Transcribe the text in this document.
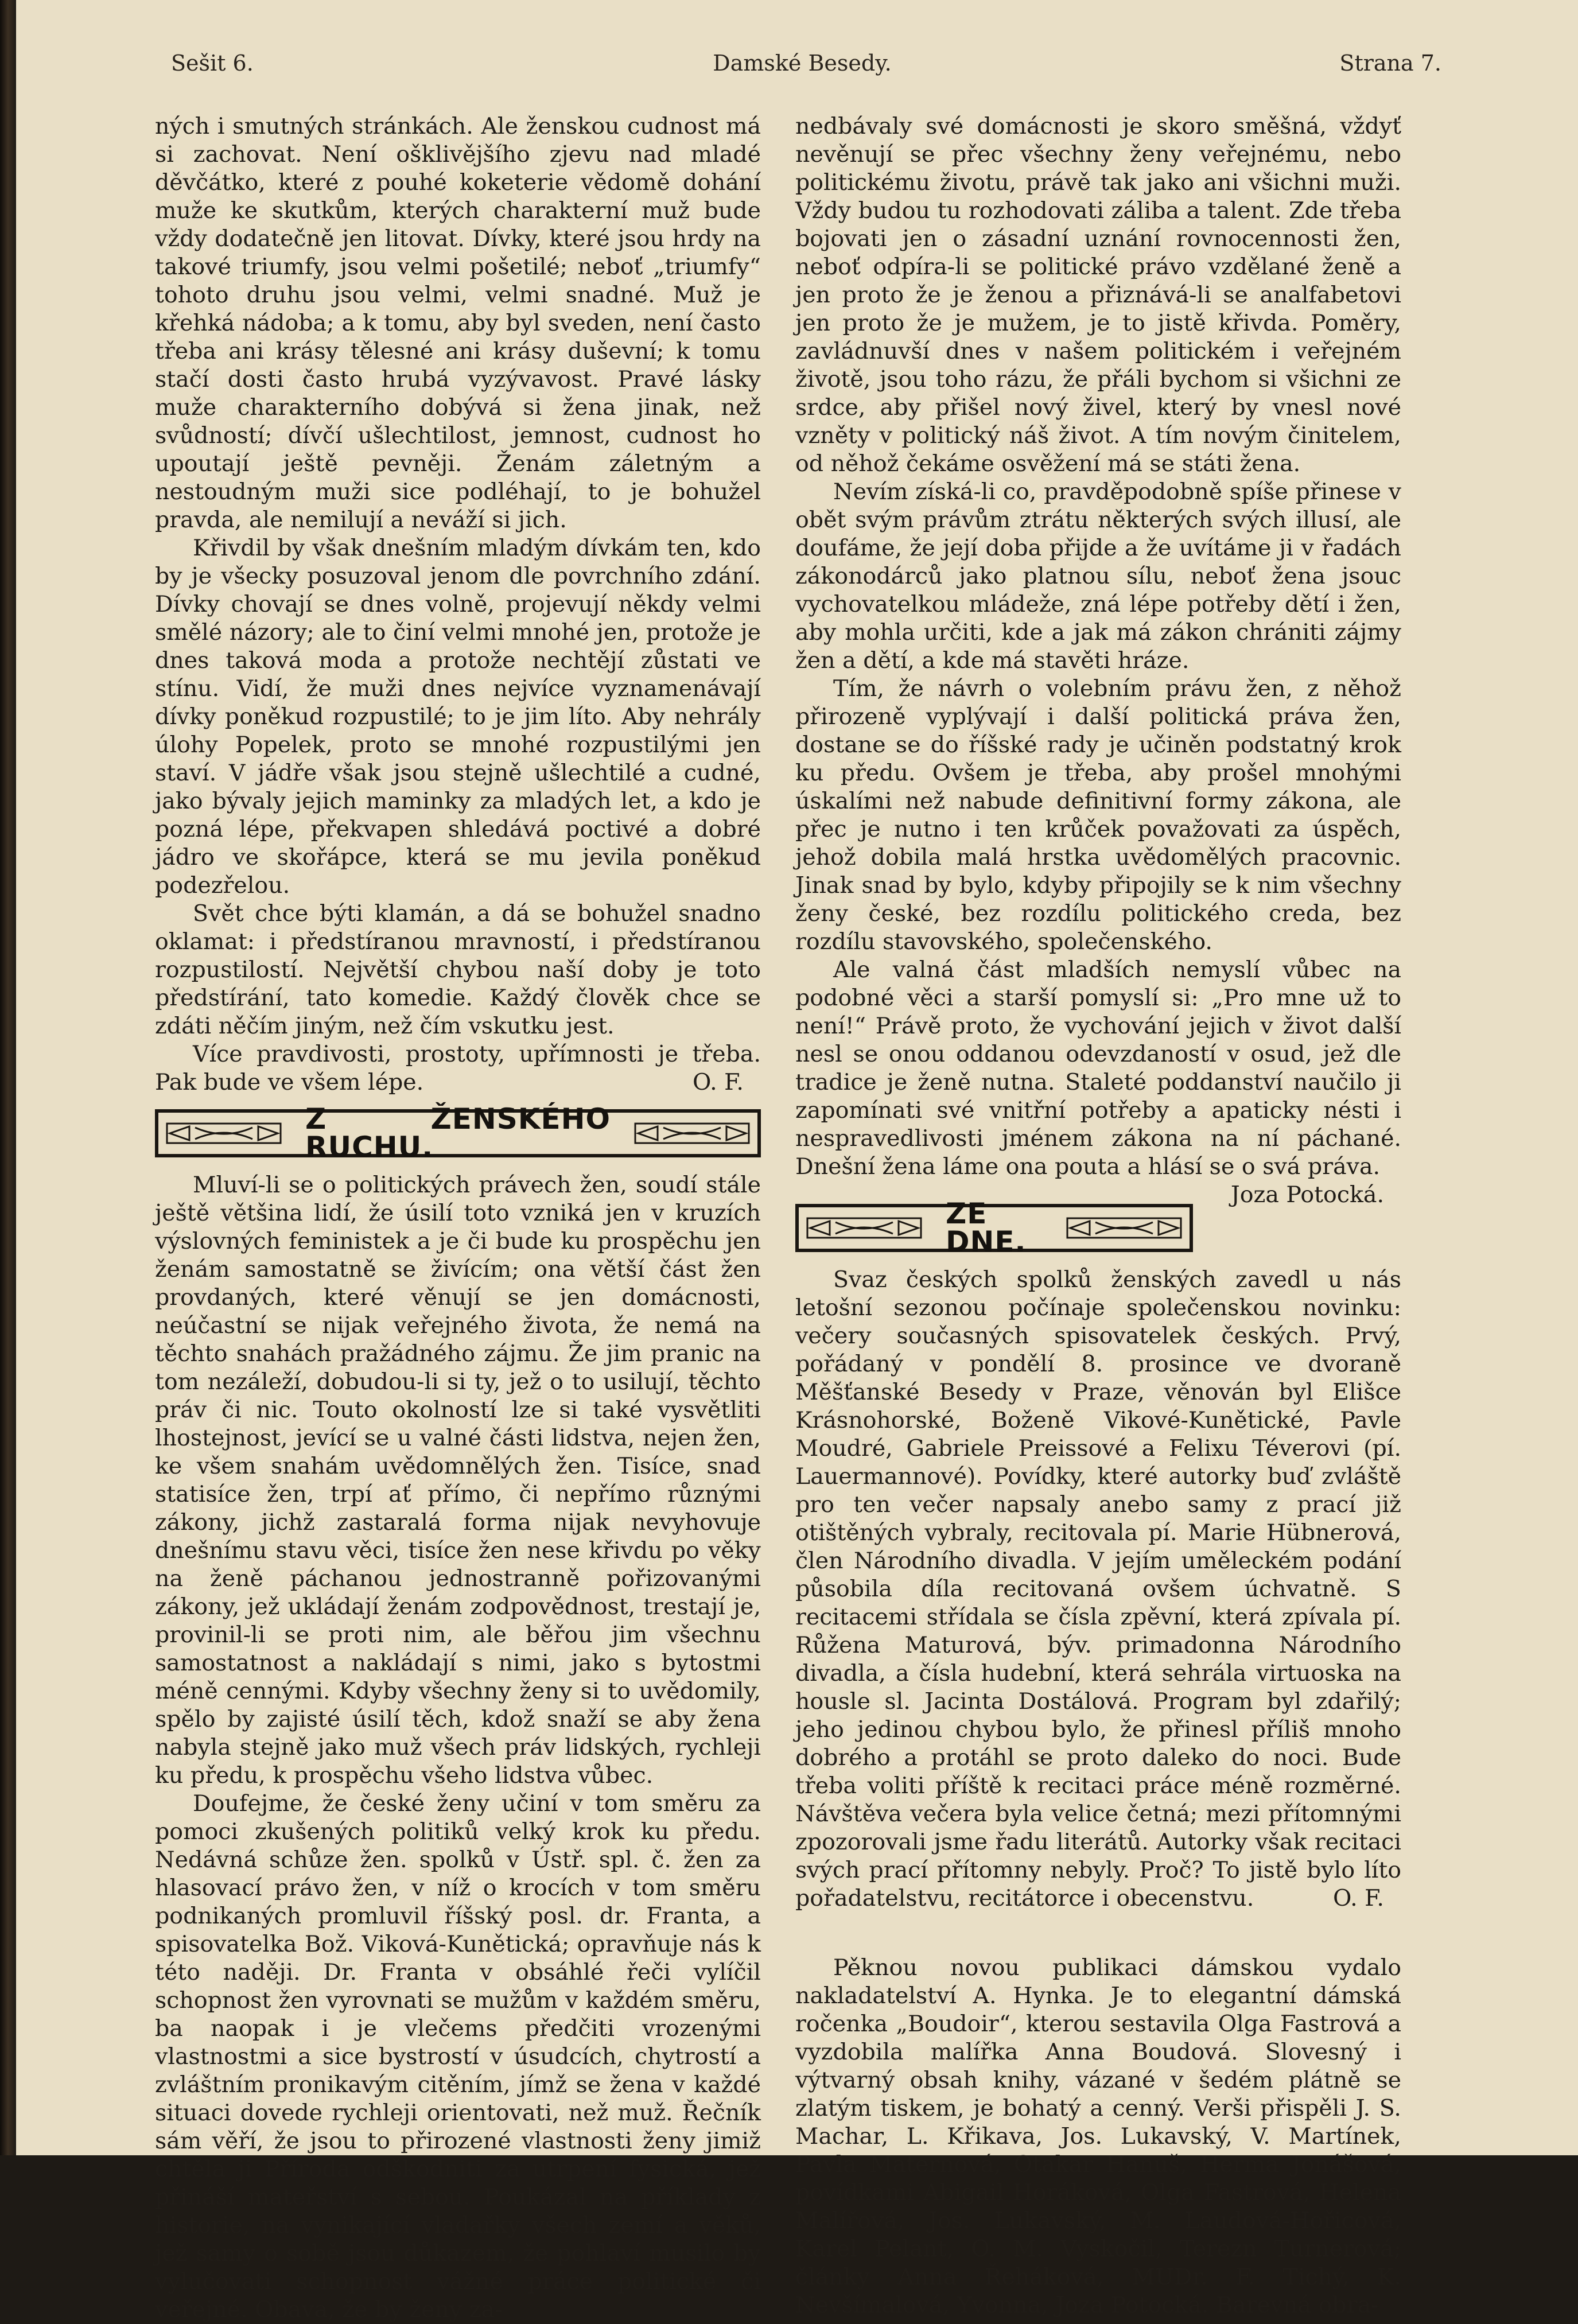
Sešit 6.	Damské Besedy.	Strana 7.

ných i smutných stránkách. Ale ženskou cudnost má si zachovat. Není ošklivějšího zjevu nad mladé děvčátko, které z pouhé koketerie vědomě dohání muže ke skutkům, kterých charakterní muž bude vždy dodatečně jen litovat. Dívky, které jsou hrdy na takové triumfy, jsou velmi pošetilé; neboť „triumfy“ tohoto druhu jsou velmi, velmi snadné. Muž je křehká nádoba; a k tomu, aby byl sveden, není často třeba ani krásy tělesné ani krásy duševní; k tomu stačí dosti často hrubá vyzývavost. Pravé lásky muže charakterního dobývá si žena jinak, než svůdností; dívčí ušlechtilost, jemnost, cudnost ho upoutají ještě pevněji. Ženám záletným a nestoudným muži sice podléhají, to je bohužel pravda, ale nemilují a neváží si jich.

Křivdil by však dnešním mladým dívkám ten, kdo by je všecky posuzoval jenom dle povrchního zdání. Dívky chovají se dnes volně, projevují někdy velmi smělé názory; ale to činí velmi mnohé jen, protože je dnes taková moda a protože nechtějí zůstati ve stínu. Vidí, že muži dnes nejvíce vyznamenávají dívky poněkud rozpustilé; to je jim líto. Aby nehrály úlohy Popelek, proto se mnohé rozpustilými jen staví. V jádře však jsou stejně ušlechtilé a cudné, jako bývaly jejich maminky za mladých let, a kdo je pozná lépe, překvapen shledává poctivé a dobré jádro ve skořápce, která se mu jevila poněkud podezřelou.

Svět chce býti klamán, a dá se bohužel snadno oklamat: i předstíranou mravností, i předstíranou rozpustilostí. Největší chybou naší doby je toto předstírání, tato komedie. Každý člověk chce se zdáti něčím jiným, než čím vskutku jest.

Více pravdivosti, prostoty, upřímnosti je třeba. Pak bude ve všem lépe.	O. F.

Z ŽENSKÉHO RUCHU.

Mluví-li se o politických právech žen, soudí stále ještě většina lidí, že úsilí toto vzniká jen v kruzích výslovných feministek a je či bude ku prospěchu jen ženám samostatně se živícím; ona větší část žen provdaných, které věnují se jen domácnosti, neúčastní se nijak veřejného života, že nemá na těchto snahách pražádného zájmu. Že jim pranic na tom nezáleží, dobudou-li si ty, jež o to usilují, těchto práv či nic. Touto okolností lze si také vysvětliti lhostejnost, jevící se u valné části lidstva, nejen žen, ke všem snahám uvědomnělých žen. Tisíce, snad statisíce žen, trpí ať přímo, či nepřímo různými zákony, jichž zastaralá forma nijak nevyhovuje dnešnímu stavu věci, tisíce žen nese křivdu po věky na ženě páchanou jednostranně pořizovanými zákony, jež ukládají ženám zodpovědnost, trestají je, provinil-li se proti nim, ale běřou jim všechnu samostatnost a nakládají s nimi, jako s bytostmi méně cennými. Kdyby všechny ženy si to uvědomily, spělo by zajisté úsilí těch, kdož snaží se aby žena nabyla stejně jako muž všech práv lidských, rychleji ku předu, k prospěchu všeho lidstva vůbec.

Doufejme, že české ženy učiní v tom směru za pomoci zkušených politiků velký krok ku předu. Nedávná schůze žen. spolků v Ústř. spl. č. žen za hlasovací právo žen, v níž o krocích v tom směru podnikaných promluvil říšský posl. dr. Franta, a spisovatelka Bož. Viková-Kunětická; opravňuje nás k této naději. Dr. Franta v obsáhlé řeči vylíčil schopnost žen vyrovnati se mužům v každém směru, ba naopak i je vlečems předčiti vrozenými vlastnostmi a sice bystrostí v úsudcích, chytrostí a zvláštním pronikavým citěním, jímž se žena v každé situaci dovede rychleji orientovati, než muž. Řečník sám věří, že jsou to přirozené vlastnosti ženy jimiž chtěla ji Příroda odškodniti za utrpení fysická, jež přináší mateřství s sebou. Poukázal na příklady z historie, na vynikající vladařky všech zemí a věků, jež samy o sobě jsou důkazem, že pohlaví musilo by vylučovati schopnost vážné práce politické či veřejné. Obava, že by ženy za-

nedbávaly své domácnosti je skoro směšná, vždyť nevěnují se přec všechny ženy veřejnému, nebo politickému životu, právě tak jako ani všichni muži. Vždy budou tu rozhodovati záliba a talent. Zde třeba bojovati jen o zásadní uznání rovnocennosti žen, neboť odpíra-li se politické právo vzdělané ženě a jen proto že je ženou a přiznává-li se analfabetovi jen proto že je mužem, je to jistě křivda. Poměry, zavládnuvší dnes v našem politickém i veřejném životě, jsou toho rázu, že přáli bychom si všichni ze srdce, aby přišel nový živel, který by vnesl nové vzněty v politický náš život. A tím novým činitelem, od něhož čekáme osvěžení má se státi žena.

Nevím získá-li co, pravděpodobně spíše přinese v obět svým právům ztrátu některých svých illusí, ale doufáme, že její doba přijde a že uvítáme ji v řadách zákonodárců jako platnou sílu, neboť žena jsouc vychovatelkou mládeže, zná lépe potřeby dětí i žen, aby mohla určiti, kde a jak má zákon chrániti zájmy žen a dětí, a kde má stavěti hráze.

Tím, že návrh o volebním právu žen, z něhož přirozeně vyplývají i další politická práva žen, dostane se do říšské rady je učiněn podstatný krok ku předu. Ovšem je třeba, aby prošel mnohými úskalími než nabude definitivní formy zákona, ale přec je nutno i ten krůček považovati za úspěch, jehož dobila malá hrstka uvědomělých pracovnic. Jinak snad by bylo, kdyby připojily se k nim všechny ženy české, bez rozdílu politického creda, bez rozdílu stavovského, společenského.

Ale valná část mladších nemyslí vůbec na podobné věci a starší pomyslí si: „Pro mne už to není!“ Právě proto, že vychování jejich v život další nesl se onou oddanou odevzdaností v osud, jež dle tradice je ženě nutna. Staleté poddanství naučilo ji zapomínati své vnitřní potřeby a apaticky nésti i nespravedlivosti jménem zákona na ní páchané. Dnešní žena láme ona pouta a hlásí se o svá práva.
Joza Potocká.

ZE DNE.

Svaz českých spolků ženských zavedl u nás letošní sezonou počínaje společenskou novinku: večery současných spisovatelek českých. Prvý, pořádaný v pondělí 8. prosince ve dvoraně Měšťanské Besedy v Praze, věnován byl Elišce Krásnohorské, Boženě Vikové-Kunětické, Pavle Moudré, Gabriele Preissové a Felixu Téverovi (pí. Lauermannové). Povídky, které autorky buď zvláště pro ten večer napsaly anebo samy z prací již otištěných vybraly, recitovala pí. Marie Hübnerová, člen Národního divadla. V jejím uměleckém podání působila díla recitovaná ovšem úchvatně. S recitacemi střídala se čísla zpěvní, která zpívala pí. Růžena Maturová, býv. primadonna Národního divadla, a čísla hudební, která sehrála virtuoska na housle sl. Jacinta Dostálová. Program byl zdařilý; jeho jedinou chybou bylo, že přinesl příliš mnoho dobrého a protáhl se proto daleko do noci. Bude třeba voliti příště k recitaci práce méně rozměrné. Návštěva večera byla velice četná; mezi přítomnými zpozorovali jsme řadu literátů. Autorky však recitaci svých prací přítomny nebyly. Proč? To jistě bylo líto pořadatelstvu, recitátorce i obecenstvu.	O. F.

Pěknou novou publikaci dámskou vydalo nakladatelství A. Hynka. Je to elegantní dámská ročenka „Boudoir“, kterou sestavila Olga Fastrová a vyzdobila malířka Anna Boudová. Slovesný i výtvarný obsah knihy, vázané v šedém plátně se zlatým tiskem, je bohatý a cenný. Verši přispěli J. S. Machar, L. Křikava, Jos. Lukavský, V. Martínek, Pavla Maternová, Otakar Hanuš, Herma Jonášová, povídkami Abigail Horáková, Olga Fastrová, Helena Malířová, Jos. Lukavský, M. Laudová-Hořicová, Karel Pelant, O. M. Vyskočil, Terezn Turnerová; články Anna Řeháková, MUDr. F. Tichý, K. Nevšímalová, Yvonna, Joza Potocká. Barevná obra-
